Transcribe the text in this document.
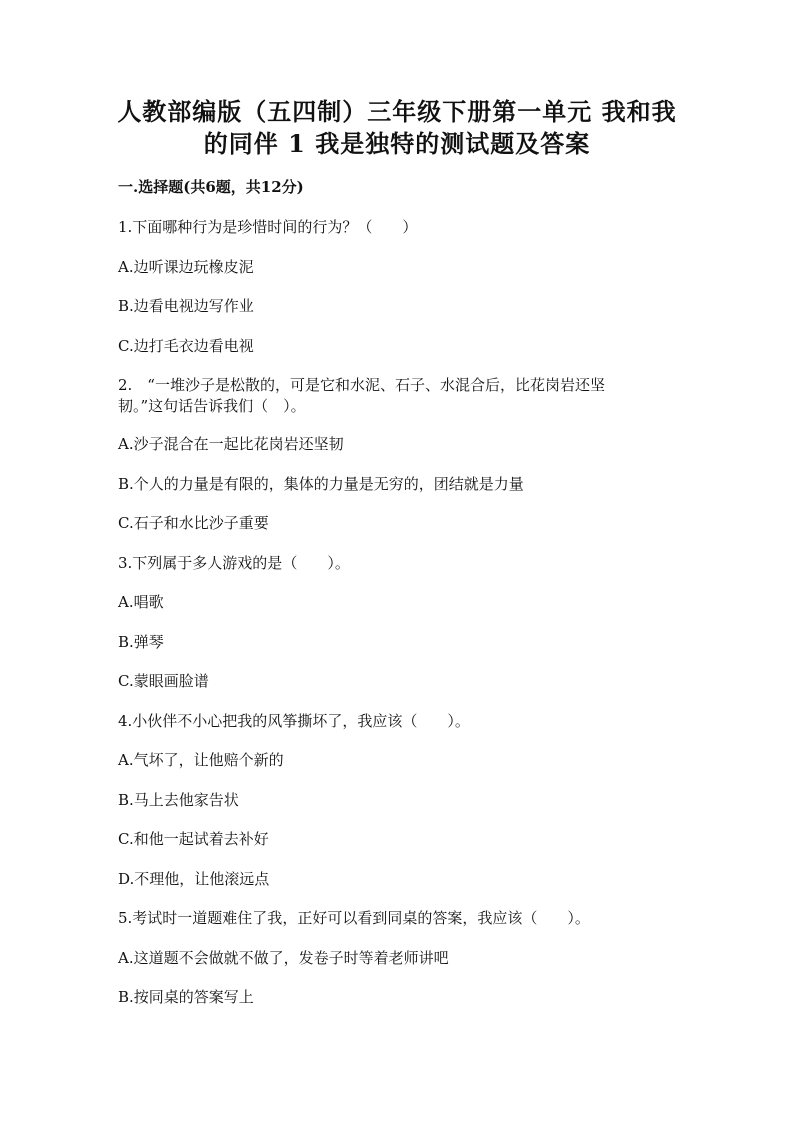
人教部编版（五四制）三年级下册第一单元 我和我
的同伴 1 我是独特的测试题及答案
一.选择题(共6题，共12分)
1.下面哪种行为是珍惜时间的行为？（　　）
A.边听课边玩橡皮泥
B.边看电视边写作业
C.边打毛衣边看电视
2.　“一堆沙子是松散的，可是它和水泥、石子、水混合后，比花岗岩还坚
韧。”这句话告诉我们（　）。
A.沙子混合在一起比花岗岩还坚韧
B.个人的力量是有限的，集体的力量是无穷的，团结就是力量
C.石子和水比沙子重要
3.下列属于多人游戏的是（　　）。
A.唱歌
B.弹琴
C.蒙眼画脸谱
4.小伙伴不小心把我的风筝撕坏了，我应该（　　）。
A.气坏了，让他赔个新的
B.马上去他家告状
C.和他一起试着去补好
D.不理他，让他滚远点
5.考试时一道题难住了我，正好可以看到同桌的答案，我应该（　　）。
A.这道题不会做就不做了，发卷子时等着老师讲吧
B.按同桌的答案写上
